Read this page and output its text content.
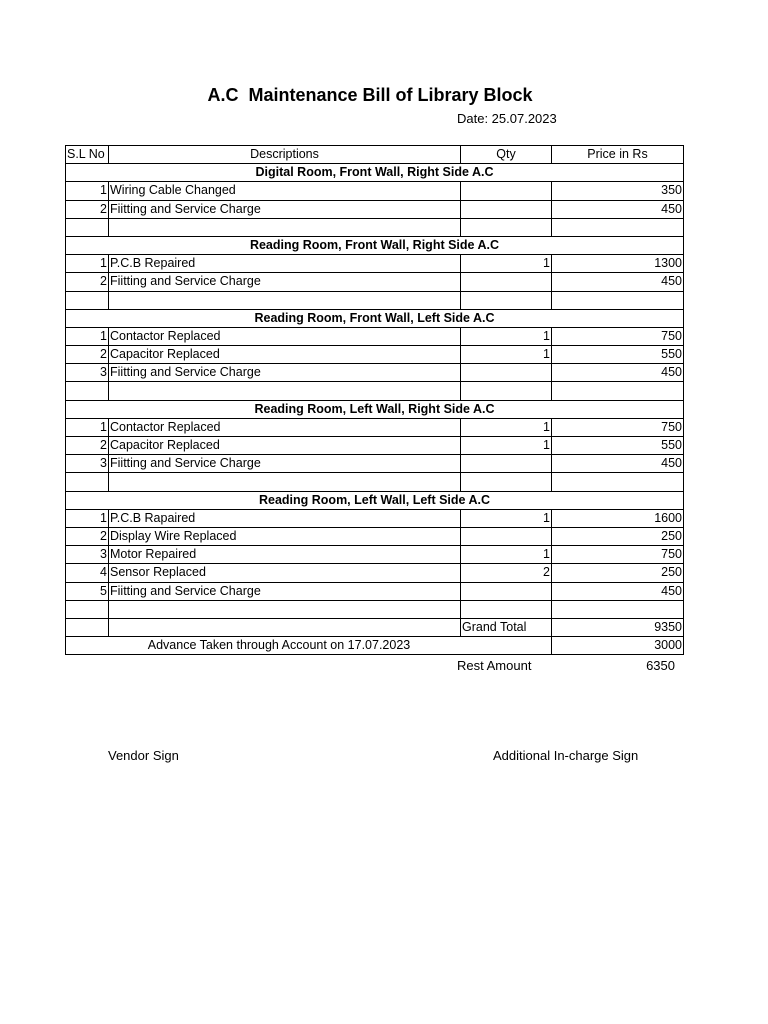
A.C  Maintenance Bill of Library Block
Date: 25.07.2023
S.L No	Descriptions	Qty	Price in Rs
Digital Room, Front Wall, Right Side A.C			
1	Wiring Cable Changed		350
2	Fiitting and Service Charge		450

Reading Room, Front Wall, Right Side A.C			
1	P.C.B Repaired	1	1300
2	Fiitting and Service Charge		450

Reading Room, Front Wall, Left Side A.C			
1	Contactor Replaced	1	750
2	Capacitor Replaced	1	550
3	Fiitting and Service Charge		450

Reading Room, Left Wall, Right Side A.C			
1	Contactor Replaced	1	750
2	Capacitor Replaced	1	550
3	Fiitting and Service Charge		450

Reading Room, Left Wall, Left Side A.C			
1	P.C.B Rapaired	1	1600
2	Display Wire Replaced		250
3	Motor Repaired	1	750
4	Sensor Replaced	2	250
5	Fiitting and Service Charge		450

		Grand Total	9350
Advance Taken through Account on 17.07.2023			3000
Rest Amount	6350
Vendor Sign	Additional In-charge Sign
